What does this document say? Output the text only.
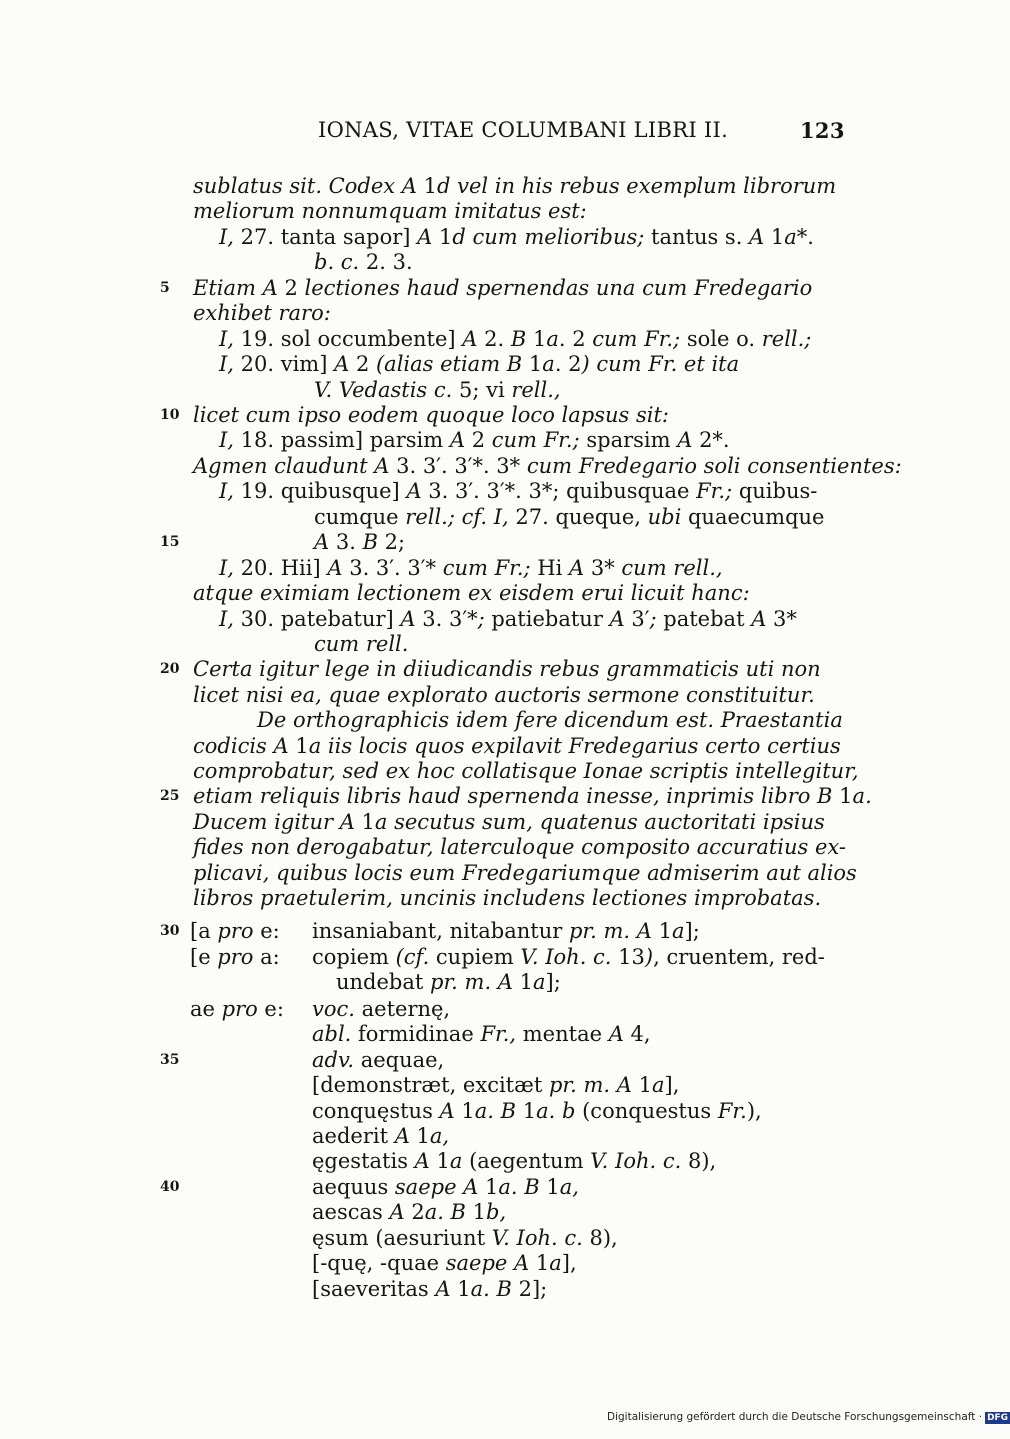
IONAS, VITAE COLUMBANI LIBRI II.	123
5
10
15
20
25
30
35
40
sublatus sit. Codex A 1d vel in his rebus exemplum librorum
meliorum nonnumquam imitatus est:
I, 27. tanta sapor] A 1d cum melioribus; tantus s. A 1a*.
b. c. 2. 3.
Etiam A 2 lectiones haud spernendas una cum Fredegario
exhibet raro:
I, 19. sol occumbente] A 2. B 1a. 2 cum Fr.; sole o. rell.;
I, 20. vim] A 2 (alias etiam B 1a. 2) cum Fr. et ita
V. Vedastis c. 5; vi rell.,
licet cum ipso eodem quoque loco lapsus sit:
I, 18. passim] parsim A 2 cum Fr.; sparsim A 2*.
Agmen claudunt A 3. 3′. 3′*. 3* cum Fredegario soli consentientes:
I, 19. quibusque] A 3. 3′. 3′*. 3*; quibusquae Fr.; quibus-
cumque rell.; cf. I, 27. queque, ubi quaecumque
A 3. B 2;
I, 20. Hii] A 3. 3′. 3′* cum Fr.; Hi A 3* cum rell.,
atque eximiam lectionem ex eisdem erui licuit hanc:
I, 30. patebatur] A 3. 3′*; patiebatur A 3′; patebat A 3*
cum rell.
Certa igitur lege in diiudicandis rebus grammaticis uti non
licet nisi ea, quae explorato auctoris sermone constituitur.
De orthographicis idem fere dicendum est. Praestantia
codicis A 1a iis locis quos expilavit Fredegarius certo certius
comprobatur, sed ex hoc collatisque Ionae scriptis intellegitur,
etiam reliquis libris haud spernenda inesse, inprimis libro B 1a.
Ducem igitur A 1a secutus sum, quatenus auctoritati ipsius
fides non derogabatur, laterculoque composito accuratius ex-
plicavi, quibus locis eum Fredegariumque admiserim aut alios
libros praetulerim, uncinis includens lectiones improbatas.
[a pro e: insaniabant, nitabantur pr. m. A 1a];
[e pro a: copiem (cf. cupiem V. Ioh. c. 13), cruentem, red-
undebat pr. m. A 1a];
ae pro e: voc. aeternę,
abl. formidinae Fr., mentae A 4,
adv. aequae,
[demonstræt, excitæt pr. m. A 1a],
conquęstus A 1a. B 1a. b (conquestus Fr.),
aederit A 1a,
ęgestatis A 1a (aegentum V. Ioh. c. 8),
aequus saepe A 1a. B 1a,
aescas A 2a. B 1b,
ęsum (aesuriunt V. Ioh. c. 8),
[-quę, -quae saepe A 1a],
[saeveritas A 1a. B 2];
Digitalisierung gefördert durch die Deutsche Forschungsgemeinschaft · DFG
